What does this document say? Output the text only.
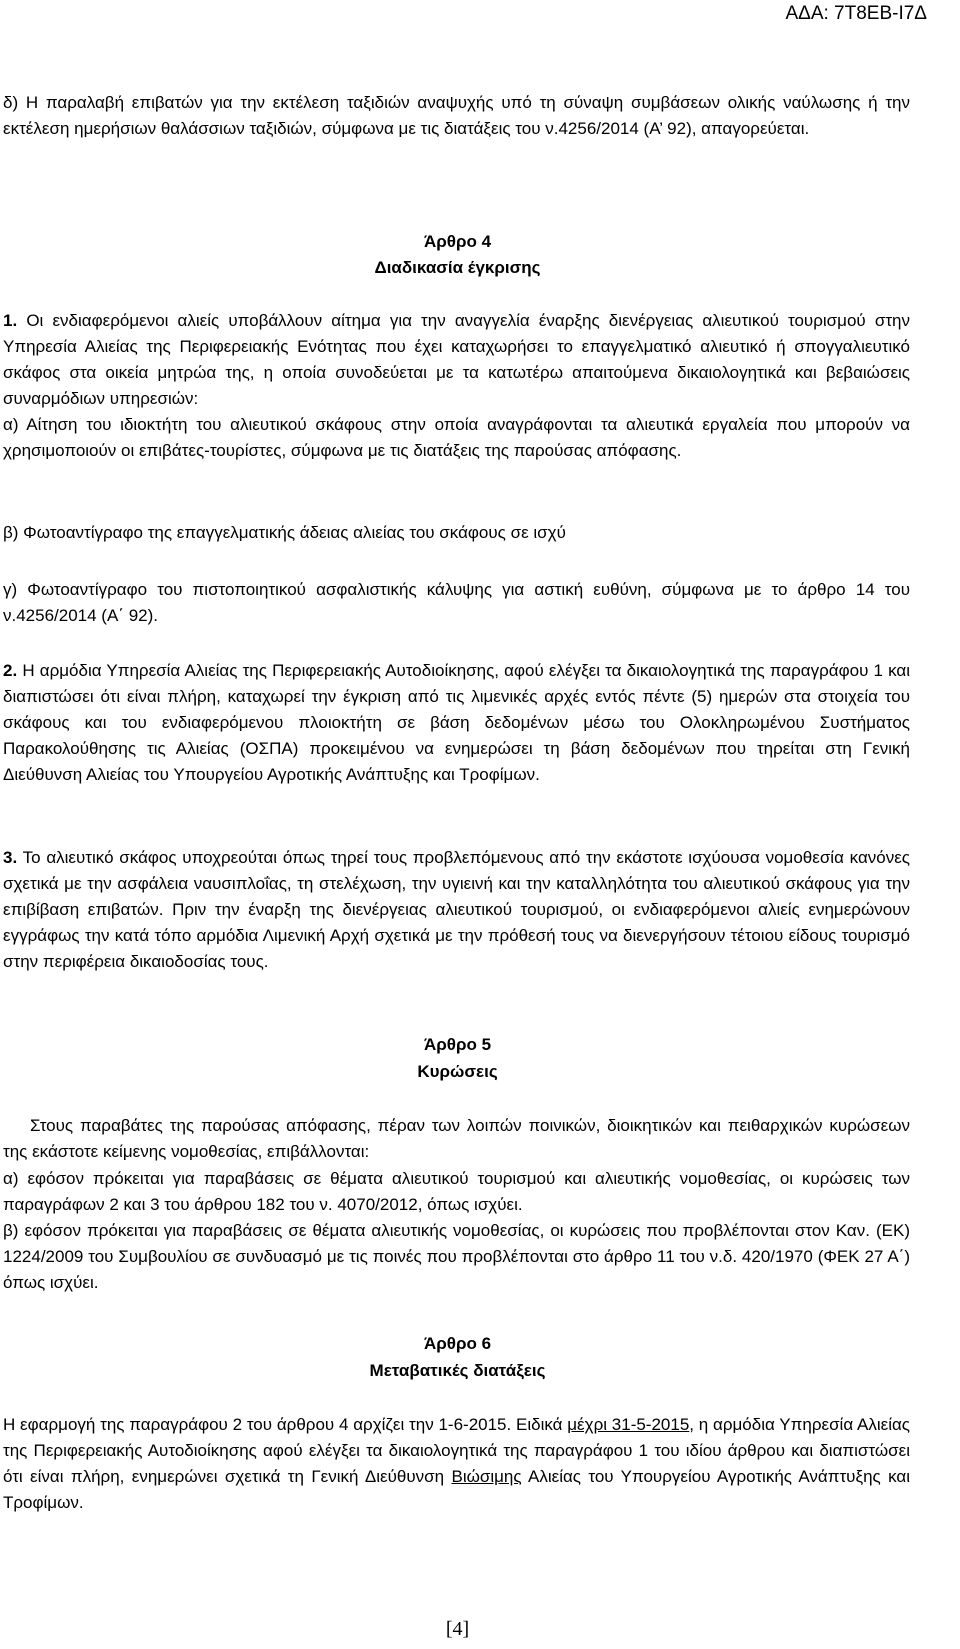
ΑΔΑ: 7Τ8ΕΒ-Ι7Δ
δ) Η παραλαβή επιβατών για την εκτέλεση ταξιδιών αναψυχής υπό τη σύναψη συμβάσεων ολικής ναύλωσης ή την εκτέλεση ημερήσιων θαλάσσιων ταξιδιών, σύμφωνα με τις διατάξεις του ν.4256/2014 (Α’ 92), απαγορεύεται.
Άρθρο 4
Διαδικασία έγκρισης
1. Οι ενδιαφερόμενοι αλιείς υποβάλλουν αίτημα για την αναγγελία έναρξης διενέργειας αλιευτικού τουρισμού στην Υπηρεσία Αλιείας της Περιφερειακής Ενότητας που έχει καταχωρήσει το επαγγελματικό αλιευτικό ή σπογγαλιευτικό σκάφος στα οικεία μητρώα της, η οποία συνοδεύεται με τα κατωτέρω απαιτούμενα δικαιολογητικά και βεβαιώσεις συναρμόδιων υπηρεσιών:
α) Αίτηση του ιδιοκτήτη του αλιευτικού σκάφους στην οποία αναγράφονται τα αλιευτικά εργαλεία που μπορούν να χρησιμοποιούν οι επιβάτες-τουρίστες, σύμφωνα με τις διατάξεις της παρούσας απόφασης.
β) Φωτοαντίγραφο της επαγγελματικής άδειας αλιείας του σκάφους σε ισχύ
γ) Φωτοαντίγραφο του πιστοποιητικού ασφαλιστικής κάλυψης για αστική ευθύνη, σύμφωνα με το άρθρο 14 του ν.4256/2014 (Α΄ 92).
2. Η αρμόδια Υπηρεσία Αλιείας της Περιφερειακής Αυτοδιοίκησης, αφού ελέγξει τα δικαιολογητικά της παραγράφου 1 και διαπιστώσει ότι είναι πλήρη, καταχωρεί την έγκριση από τις λιμενικές αρχές εντός πέντε (5) ημερών στα στοιχεία του σκάφους και του ενδιαφερόμενου πλοιοκτήτη σε βάση δεδομένων μέσω του Ολοκληρωμένου Συστήματος Παρακολούθησης τις Αλιείας (ΟΣΠΑ) προκειμένου να ενημερώσει τη βάση δεδομένων που τηρείται στη Γενική Διεύθυνση Αλιείας του Υπουργείου Αγροτικής Ανάπτυξης και Τροφίμων.
3. Το αλιευτικό σκάφος υποχρεούται όπως τηρεί τους προβλεπόμενους από την εκάστοτε ισχύουσα νομοθεσία κανόνες σχετικά με την ασφάλεια ναυσιπλοΐας, τη στελέχωση, την υγιεινή και την καταλληλότητα του αλιευτικού σκάφους για την επιβίβαση επιβατών. Πριν την έναρξη της διενέργειας αλιευτικού τουρισμού, οι ενδιαφερόμενοι αλιείς ενημερώνουν εγγράφως την κατά τόπο αρμόδια Λιμενική Αρχή σχετικά με την πρόθεσή τους να διενεργήσουν τέτοιου είδους τουρισμό στην περιφέρεια δικαιοδοσίας τους.
Άρθρο 5
Κυρώσεις
Στους παραβάτες της παρούσας απόφασης, πέραν των λοιπών ποινικών, διοικητικών και πειθαρχικών κυρώσεων της εκάστοτε κείμενης νομοθεσίας, επιβάλλονται:
α) εφόσον πρόκειται για παραβάσεις σε θέματα αλιευτικού τουρισμού και αλιευτικής νομοθεσίας, οι κυρώσεις των παραγράφων 2 και 3 του άρθρου 182 του ν. 4070/2012, όπως ισχύει.
β) εφόσον πρόκειται για παραβάσεις σε θέματα αλιευτικής νομοθεσίας, οι κυρώσεις που προβλέπονται στον Καν. (ΕΚ) 1224/2009 του Συμβουλίου σε συνδυασμό με τις ποινές που προβλέπονται στο άρθρο 11 του ν.δ. 420/1970 (ΦΕΚ 27 Α΄) όπως ισχύει.
Άρθρο 6
Μεταβατικές διατάξεις
Η εφαρμογή της παραγράφου 2 του άρθρου 4 αρχίζει την 1-6-2015. Ειδικά μέχρι 31-5-2015, η αρμόδια Υπηρεσία Αλιείας της Περιφερειακής Αυτοδιοίκησης αφού ελέγξει τα δικαιολογητικά της παραγράφου 1 του ιδίου άρθρου και διαπιστώσει ότι είναι πλήρη, ενημερώνει σχετικά τη Γενική Διεύθυνση Βιώσιμης Αλιείας του Υπουργείου Αγροτικής Ανάπτυξης και Τροφίμων.
[4]
